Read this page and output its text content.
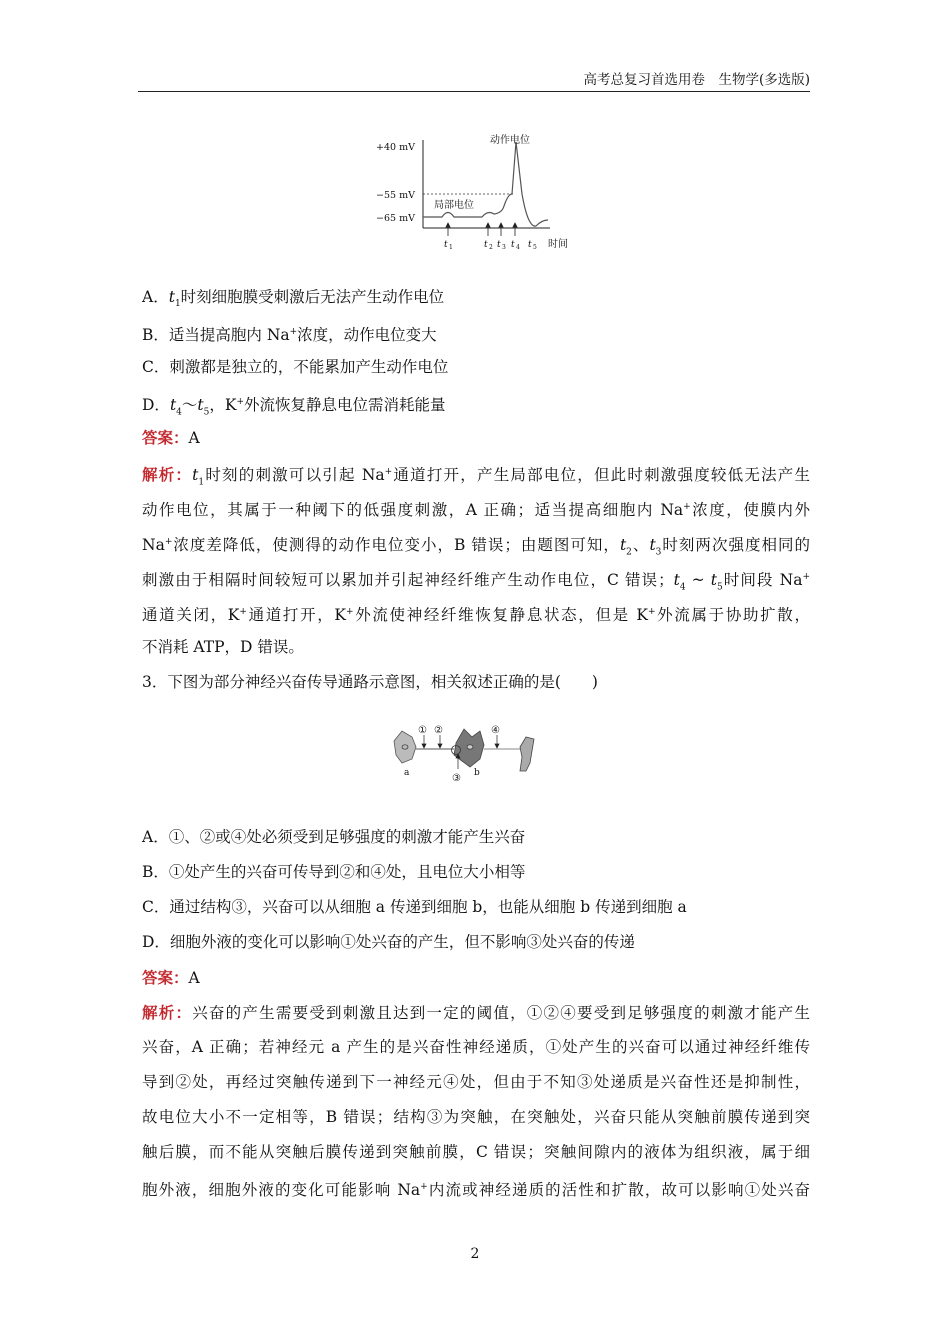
高考总复习首选用卷　生物学(多选版)
+40 mV
−55 mV
−65 mV
动作电位
局部电位
t 1	t 2 t 3 t 4 t 5 时间
A．$t_1$时刻细胞膜受刺激后无法产生动作电位
B．适当提高胞内 Na+浓度，动作电位变大
C．刺激都是独立的，不能累加产生动作电位
D．$t_4\sim t_5$，K+外流恢复静息电位需消耗能量
答案：A
解析：$t_1$时刻的刺激可以引起 Na+通道打开，产生局部电位，但此时刺激强度较低无法产生
动作电位，其属于一种阈下的低强度刺激，A 正确；适当提高细胞内 Na+浓度，使膜内外
Na+浓度差降低，使测得的动作电位变小，B 错误；由题图可知，$t_2$、$t_3$时刻两次强度相同的
刺激由于相隔时间较短可以累加并引起神经纤维产生动作电位，C 错误；$t_4$ ~ $t_5$时间段 Na+
通道关闭，K+通道打开，K+外流使神经纤维恢复静息状态，但是 K+外流属于协助扩散，
不消耗 ATP，D 错误。
3．下图为部分神经兴奋传导通路示意图，相关叙述正确的是(　　)
① ②
③
④
a	b
A．①、②或④处必须受到足够强度的刺激才能产生兴奋
B．①处产生的兴奋可传导到②和④处，且电位大小相等
C．通过结构③，兴奋可以从细胞 a 传递到细胞 b，也能从细胞 b 传递到细胞 a
D．细胞外液的变化可以影响①处兴奋的产生，但不影响③处兴奋的传递
答案：A
解析：兴奋的产生需要受到刺激且达到一定的阈值，①②④要受到足够强度的刺激才能产生
兴奋，A 正确；若神经元 a 产生的是兴奋性神经递质，①处产生的兴奋可以通过神经纤维传
导到②处，再经过突触传递到下一神经元④处，但由于不知③处递质是兴奋性还是抑制性，
故电位大小不一定相等，B 错误；结构③为突触，在突触处，兴奋只能从突触前膜传递到突
触后膜，而不能从突触后膜传递到突触前膜，C 错误；突触间隙内的液体为组织液，属于细
胞外液，细胞外液的变化可能影响 Na+内流或神经递质的活性和扩散，故可以影响①处兴奋
2
